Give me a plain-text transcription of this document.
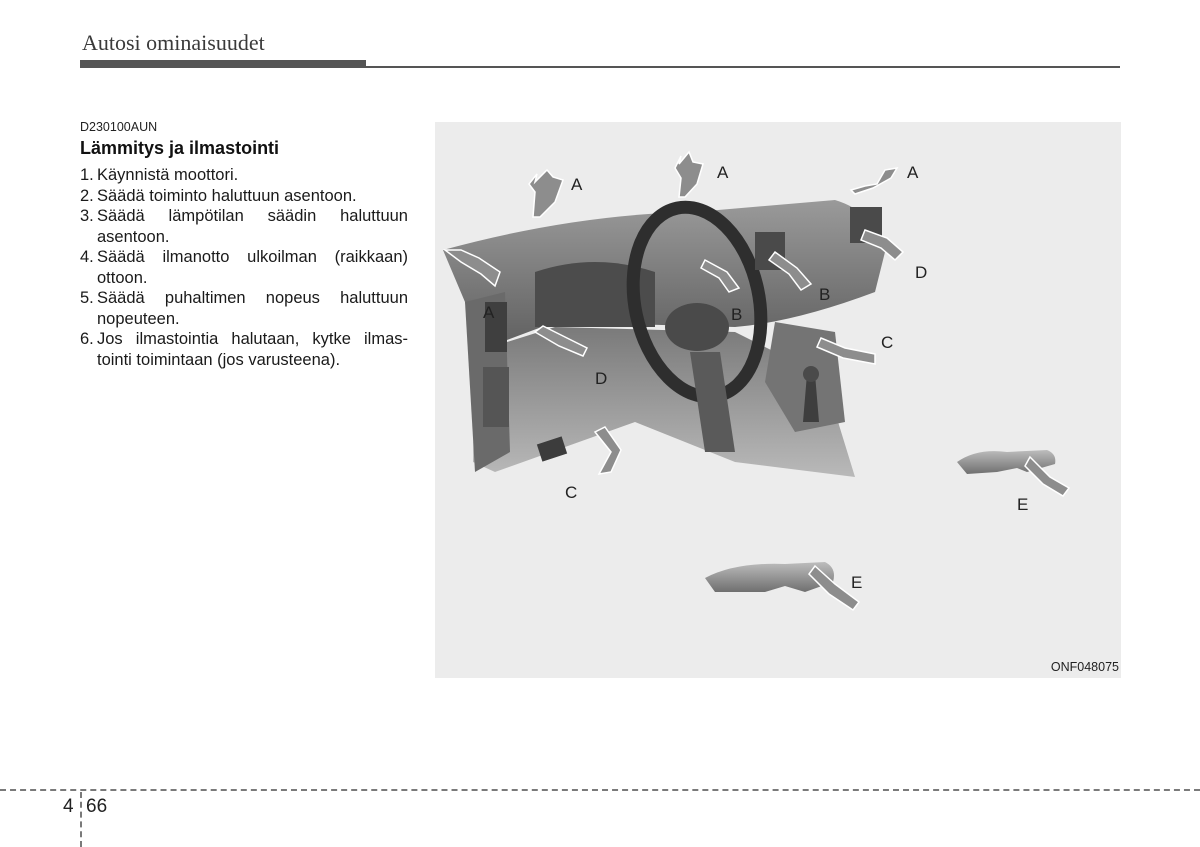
Autosi ominaisuudet
D230100AUN
Lämmitys ja ilmastointi
1. Käynnistä moottori.
2. Säädä toiminto haluttuun asentoon.
3. Säädä lämpötilan säädin haluttuun asentoon.
4. Säädä ilmanotto ulkoilman (raikkaan) ottoon.
5. Säädä puhaltimen nopeus haluttuun nopeuteen.
6. Jos ilmastointia halutaan, kytke ilmas- tointi toimintaan (jos varusteena).
A
A	A
A	B
B
C
C
D
D
E
E
ONF048075
4 66
